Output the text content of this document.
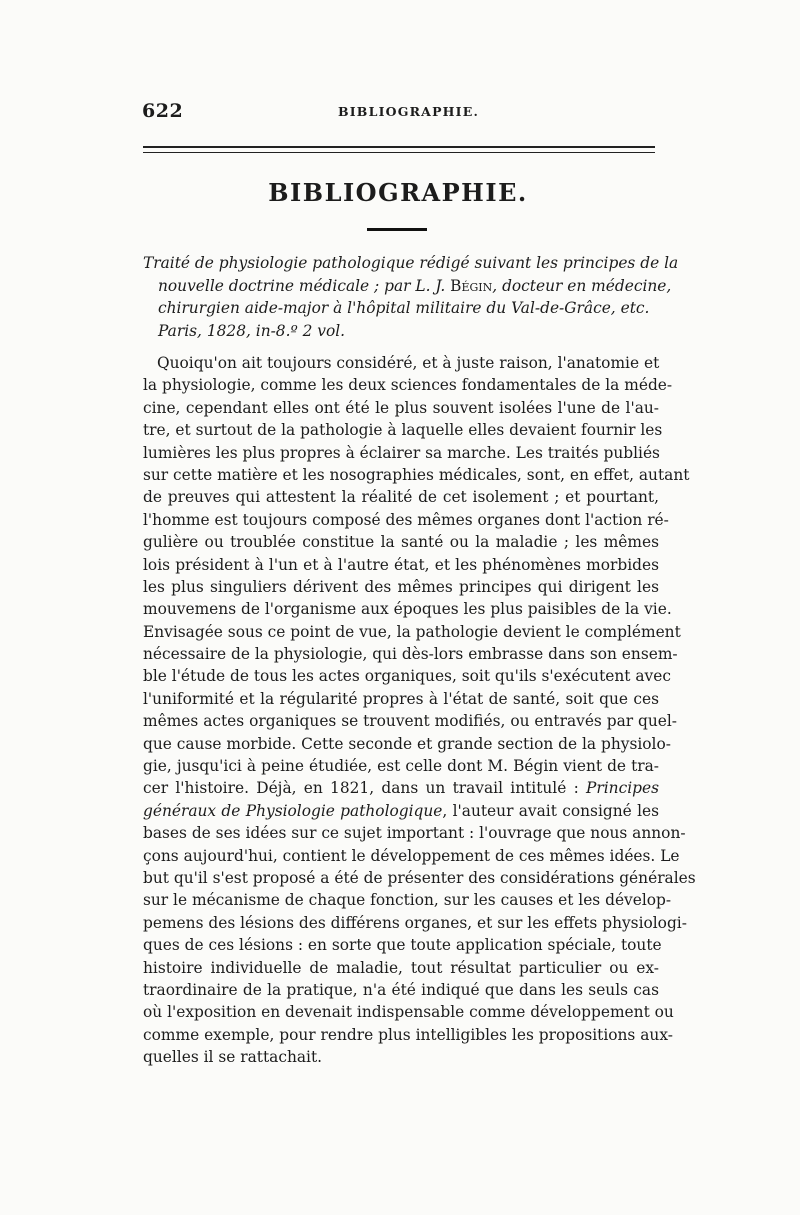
622	BIBLIOGRAPHIE.
BIBLIOGRAPHIE.
Traité de physiologie pathologique rédigé suivant les principes de la
nouvelle doctrine médicale ; par L. J. Bégin, docteur en médecine,
chirurgien aide-major à l'hôpital militaire du Val-de-Grâce, etc.
Paris, 1828, in-8.º 2 vol.
Quoiqu'on ait toujours considéré, et à juste raison, l'anatomie et
la physiologie, comme les deux sciences fondamentales de la méde-
cine, cependant elles ont été le plus souvent isolées l'une de l'au-
tre, et surtout de la pathologie à laquelle elles devaient fournir les
lumières les plus propres à éclairer sa marche. Les traités publiés
sur cette matière et les nosographies médicales, sont, en effet, autant
de preuves qui attestent la réalité de cet isolement ; et pourtant,
l'homme est toujours composé des mêmes organes dont l'action ré-
gulière ou troublée constitue la santé ou la maladie ; les mêmes
lois président à l'un et à l'autre état, et les phénomènes morbides
les plus singuliers dérivent des mêmes principes qui dirigent les
mouvemens de l'organisme aux époques les plus paisibles de la vie.
Envisagée sous ce point de vue, la pathologie devient le complément
nécessaire de la physiologie, qui dès-lors embrasse dans son ensem-
ble l'étude de tous les actes organiques, soit qu'ils s'exécutent avec
l'uniformité et la régularité propres à l'état de santé, soit que ces
mêmes actes organiques se trouvent modifiés, ou entravés par quel-
que cause morbide. Cette seconde et grande section de la physiolo-
gie, jusqu'ici à peine étudiée, est celle dont M. Bégin vient de tra-
cer l'histoire. Déjà, en 1821, dans un travail intitulé : Principes
généraux de Physiologie pathologique, l'auteur avait consigné les
bases de ses idées sur ce sujet important : l'ouvrage que nous annon-
çons aujourd'hui, contient le développement de ces mêmes idées. Le
but qu'il s'est proposé a été de présenter des considérations générales
sur le mécanisme de chaque fonction, sur les causes et les dévelop-
pemens des lésions des différens organes, et sur les effets physiologi-
ques de ces lésions : en sorte que toute application spéciale, toute
histoire individuelle de maladie, tout résultat particulier ou ex-
traordinaire de la pratique, n'a été indiqué que dans les seuls cas
où l'exposition en devenait indispensable comme développement ou
comme exemple, pour rendre plus intelligibles les propositions aux-
quelles il se rattachait.
